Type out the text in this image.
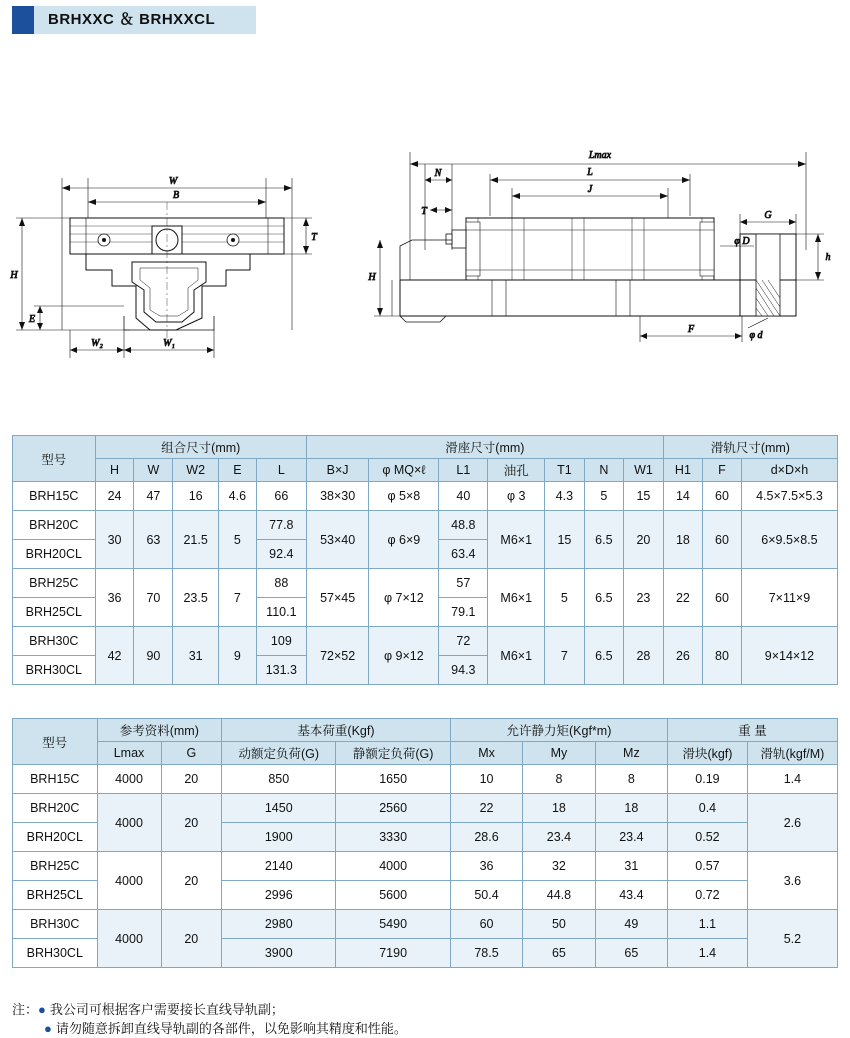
BRHXXC ＆ BRHXXCL
W
B
H
E
T
W₂	W₁
Lmax
N	L
J
H
T
F
G
h
φ D
φ d
型号	组合尺寸(mm)					滑座尺寸(mm)							滑轨尺寸(mm)		
	H	W	W2	E	L	B×J	φ MQ×ℓ	L1	油孔	T1	N	W1	H1	F	d×D×h
BRH15C	24	47	16	4.6	66	38×30	φ 5×8	40	φ 3	4.3	5	15	14	60	4.5×7.5×5.3
BRH20C	30	63	21.5	5	77.8	53×40	φ 6×9	48.8	M6×1	15	6.5	20	18	60	6×9.5×8.5
BRH20CL					92.4			63.4							
BRH25C	36	70	23.5	7	88	57×45	φ 7×12	57	M6×1	5	6.5	23	22	60	7×11×9
BRH25CL					110.1			79.1							
BRH30C	42	90	31	9	109	72×52	φ 9×12	72	M6×1	7	6.5	28	26	80	9×14×12
BRH30CL					131.3			94.3							
型号	参考资料(mm)		基本荷重(Kgf)		允许静力矩(Kgf*m)			重 量	
	Lmax	G	动额定负荷(G)	静额定负荷(G)	Mx	My	Mz	滑块(kgf)	滑轨(kgf/M)
BRH15C	4000	20	850	1650	10	8	8	0.19	1.4
BRH20C	4000	20	1450	2560	22	18	18	0.4	2.6
BRH20CL			1900	3330	28.6	23.4	23.4	0.52	
BRH25C	4000	20	2140	4000	36	32	31	0.57	3.6
BRH25CL			2996	5600	50.4	44.8	43.4	0.72	
BRH30C	4000	20	2980	5490	60	50	49	1.1	5.2
BRH30CL			3900	7190	78.5	65	65	1.4	
注： ● 我公司可根据客户需要接长直线导轨副；
● 请勿随意拆卸直线导轨副的各部件，以免影响其精度和性能。
